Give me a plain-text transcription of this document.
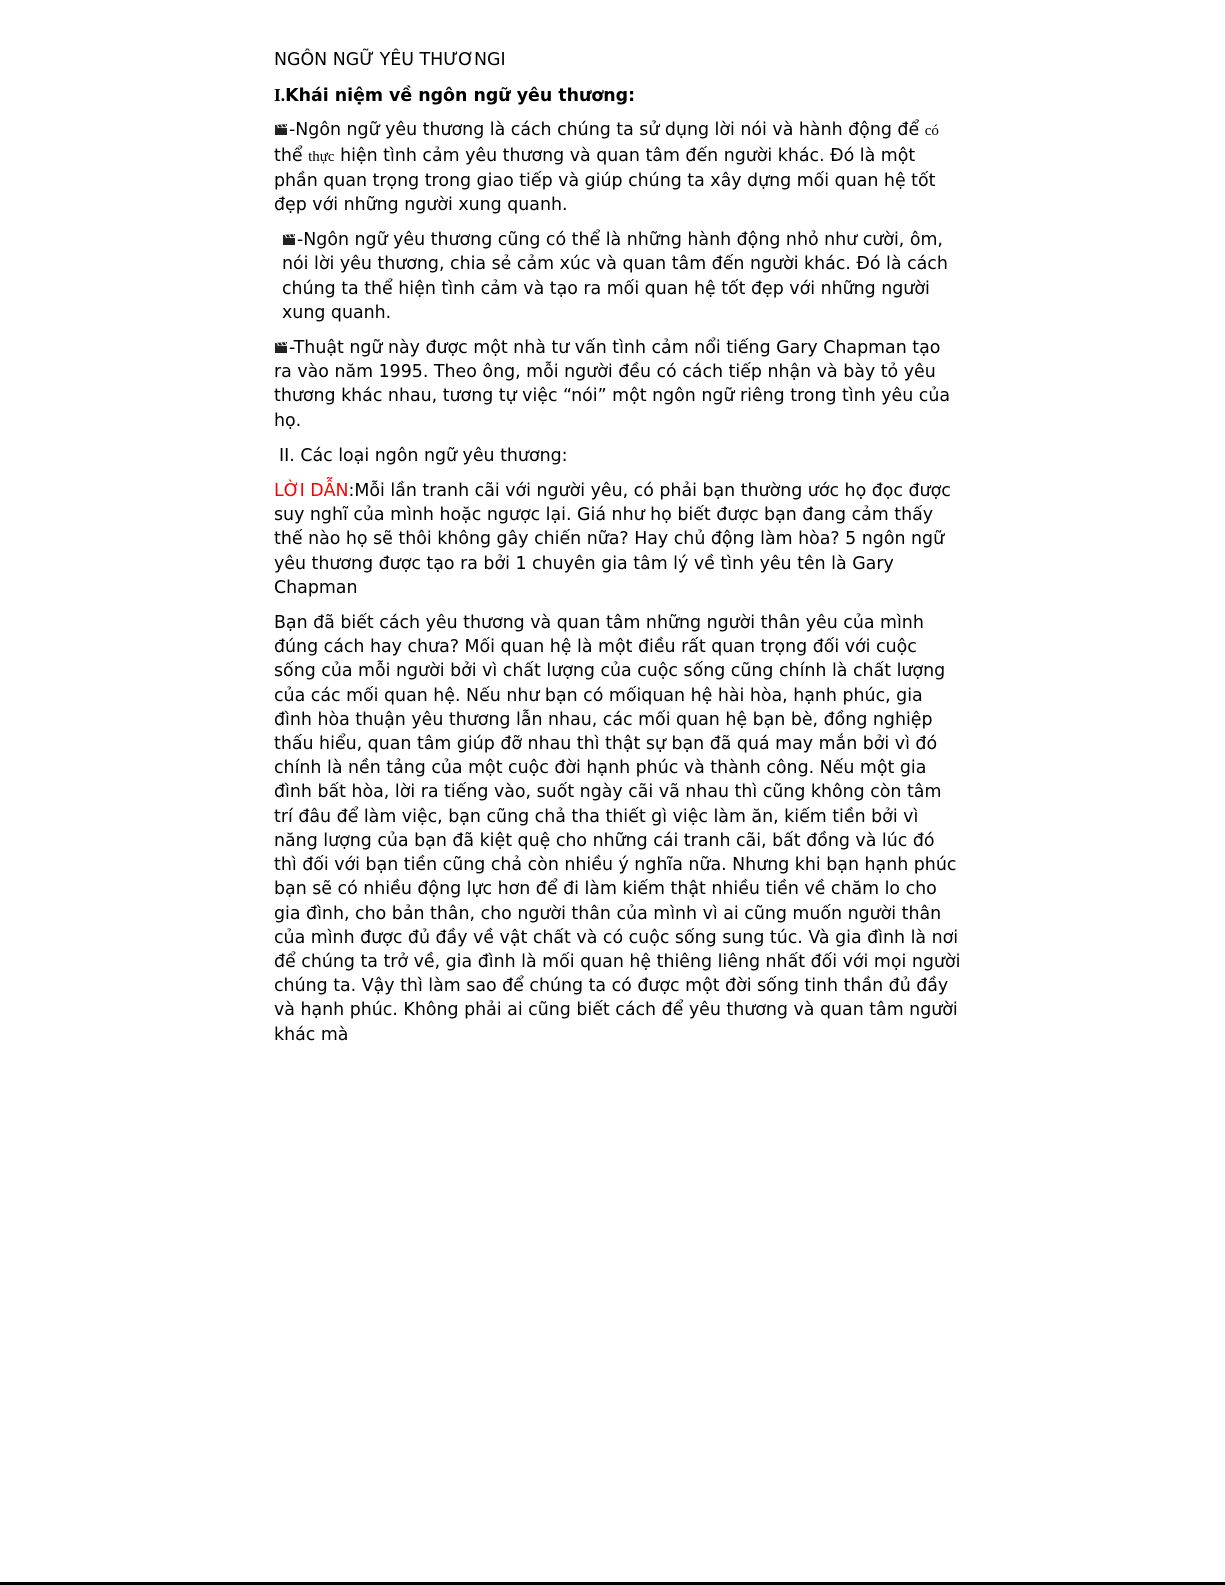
NGÔN NGỮ YÊU THƯƠNGI
I.Khái niệm về ngôn ngữ yêu thương:

-Ngôn ngữ yêu thương là cách chúng ta sử dụng lời nói và hành động để có thể thực hiện tình cảm yêu thương và quan tâm đến người khác. Đó là một phần quan trọng trong giao tiếp và giúp chúng ta xây dựng mối quan hệ tốt đẹp với những người xung quanh.

-Ngôn ngữ yêu thương cũng có thể là những hành động nhỏ như cười, ôm, nói lời yêu thương, chia sẻ cảm xúc và quan tâm đến người khác. Đó là cách chúng ta thể hiện tình cảm và tạo ra mối quan hệ tốt đẹp với những người xung quanh.

-Thuật ngữ này được một nhà tư vấn tình cảm nổi tiếng Gary Chapman tạo ra vào năm 1995. Theo ông, mỗi người đều có cách tiếp nhận và bày tỏ yêu thương khác nhau, tương tự việc “nói” một ngôn ngữ riêng trong tình yêu của họ.

II. Các loại ngôn ngữ yêu thương:

LỜI DẪN:Mỗi lần tranh cãi với người yêu, có phải bạn thường ước họ đọc được suy nghĩ của mình hoặc ngược lại. Giá như họ biết được bạn đang cảm thấy thế nào họ sẽ thôi không gây chiến nữa? Hay chủ động làm hòa? 5 ngôn ngữ yêu thương được tạo ra bởi 1 chuyên gia tâm lý về tình yêu tên là Gary Chapman

Bạn đã biết cách yêu thương và quan tâm những người thân yêu của mình đúng cách hay chưa? Mối quan hệ là một điều rất quan trọng đối với cuộc sống của mỗi người bởi vì chất lượng của cuộc sống cũng chính là chất lượng của các mối quan hệ. Nếu như bạn có mốiquan hệ hài hòa, hạnh phúc, gia đình hòa thuận yêu thương lẫn nhau, các mối quan hệ bạn bè, đồng nghiệp thấu hiểu, quan tâm giúp đỡ nhau thì thật sự bạn đã quá may mắn bởi vì đó chính là nền tảng của một cuộc đời hạnh phúc và thành công. Nếu một gia đình bất hòa, lời ra tiếng vào, suốt ngày cãi vã nhau thì cũng không còn tâm trí đâu để làm việc, bạn cũng chả tha thiết gì việc làm ăn, kiếm tiền bởi vì năng lượng của bạn đã kiệt quệ cho những cái tranh cãi, bất đồng và lúc đó thì đối với bạn tiền cũng chả còn nhiều ý nghĩa nữa. Nhưng khi bạn hạnh phúc bạn sẽ có nhiều động lực hơn để đi làm kiếm thật nhiều tiền về chăm lo cho gia đình, cho bản thân, cho người thân của mình vì ai cũng muốn người thân của mình được đủ đầy về vật chất và có cuộc sống sung túc. Và gia đình là nơi để chúng ta trở về, gia đình là mối quan hệ thiêng liêng nhất đối với mọi người chúng ta. Vậy thì làm sao để chúng ta có được một đời sống tinh thần đủ đầy và hạnh phúc. Không phải ai cũng biết cách để yêu thương và quan tâm người khác mà
